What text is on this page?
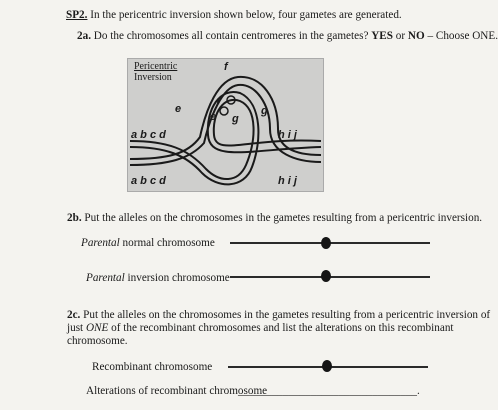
SP2. In the pericentric inversion shown below, four gametes are generated.
2a. Do the chromosomes all contain centromeres in the gametes? YES or NO – Choose ONE.
Pericentric
Inversion
a b c d
a b c d
h i j
h i j
e
f
g
e
f
g
2b. Put the alleles on the chromosomes in the gametes resulting from a pericentric inversion.
Parental normal chromosome
Parental inversion chromosome
2c. Put the alleles on the chromosomes in the gametes resulting from a pericentric inversion of
just ONE of the recombinant chromosomes and list the alterations on this recombinant
chromosome.
Recombinant chromosome
Alterations of recombinant chromosome
________________________________.
